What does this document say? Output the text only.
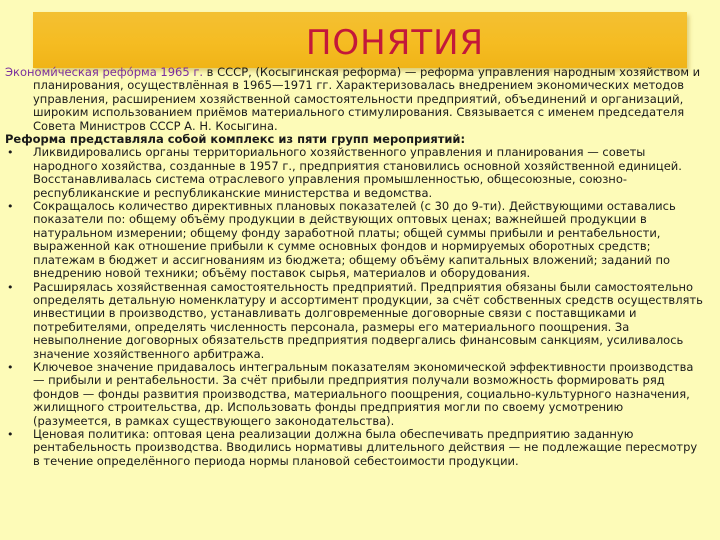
ПОНЯТИЯ

Экономи́ческая рефо́рма 1965 г. в СССР, (Косыгинская реформа) — реформа управления народным хозяйством и планирования, осуществлённая в 1965—1971 гг. Характеризовалась внедрением экономических методов управления, расширением хозяйственной самостоятельности предприятий, объединений и организаций, широким использованием приёмов материального стимулирования. Связывается с именем председателя Совета Министров СССР А. Н. Косыгина.

Реформа представляла собой комплекс из пяти групп мероприятий:

• Ликвидировались органы территориального хозяйственного управления и планирования — советы народного хозяйства, созданные в 1957 г., предприятия становились основной хозяйственной единицей. Восстанавливалась система отраслевого управления промышленностью, общесоюзные, союзно-республиканские и республиканские министерства и ведомства.
• Сокращалось количество директивных плановых показателей (с 30 до 9-ти). Действующими оставались показатели по: общему объёму продукции в действующих оптовых ценах; важнейшей продукции в натуральном измерении; общему фонду заработной платы; общей суммы прибыли и рентабельности, выраженной как отношение прибыли к сумме основных фондов и нормируемых оборотных средств; платежам в бюджет и ассигнованиям из бюджета; общему объёму капитальных вложений; заданий по внедрению новой техники; объёму поставок сырья, материалов и оборудования.
• Расширялась хозяйственная самостоятельность предприятий. Предприятия обязаны были самостоятельно определять детальную номенклатуру и ассортимент продукции, за счёт собственных средств осуществлять инвестиции в производство, устанавливать долговременные договорные связи с поставщиками и потребителями, определять численность персонала, размеры его материального поощрения. За невыполнение договорных обязательств предприятия подвергались финансовым санкциям, усиливалось значение хозяйственного арбитража.
• Ключевое значение придавалось интегральным показателям экономической эффективности производства — прибыли и рентабельности. За счёт прибыли предприятия получали возможность формировать ряд фондов — фонды развития производства, материального поощрения, социально-культурного назначения, жилищного строительства, др. Использовать фонды предприятия могли по своему усмотрению (разумеется, в рамках существующего законодательства).
• Ценовая политика: оптовая цена реализации должна была обеспечивать предприятию заданную рентабельность производства. Вводились нормативы длительного действия — не подлежащие пересмотру в течение определённого периода нормы плановой себестоимости продукции.
